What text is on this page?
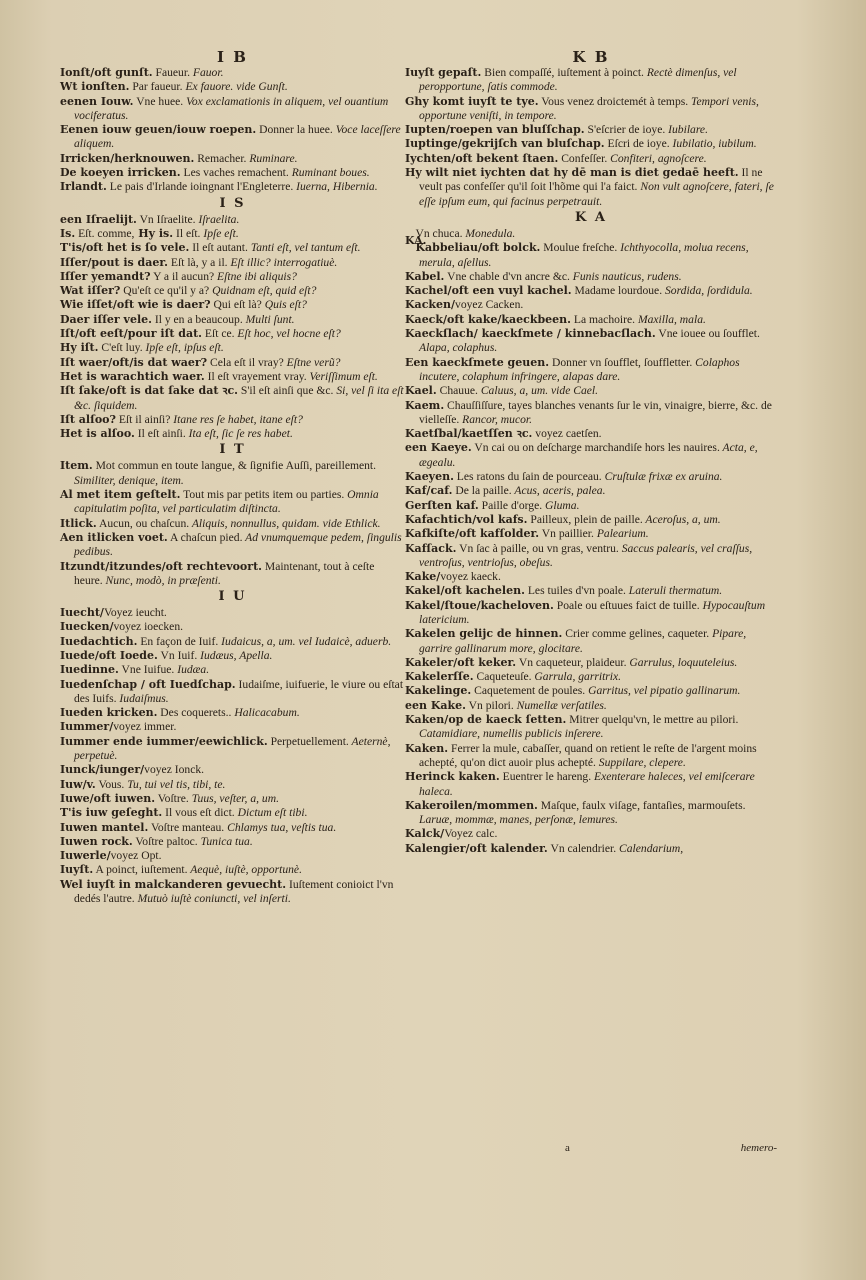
I B
Ionſt/oft gunſt. Faueur. Fauor.
Wt ionſten. Par faueur. Ex fauore. vide Gunſt.
eenen Iouw. Vne huee. Vox exclamationis in aliquem, vel ouantium vociferatus.
Eenen iouw geuen/iouw roepen. Donner la huee. Voce laceſſere aliquem.
Irricken/herknouwen. Remacher. Ruminare.
De koeyen irricken. Les vaches remachent. Ruminant boues.
Irlandt. Le pais d'Irlande ioingnant l'Engleterre. Iuerna, Hibernia.
I S
een Iſraelijt. Vn Iſraelite. Iſraelita.
Is. Eſt. comme, Hy is. Il eſt. Ipſe eſt.
T'is/oft het is ſo vele. Il eſt autant. Tanti eſt, vel tantum eſt.
Iſſer/pout is daer. Eſt là, y a il. Eſt illic? interrogatiuè.
Iſſer yemandt? Y a il aucun? Eſtne ibi aliquis?
Wat iſſer? Qu'eſt ce qu'il y a? Quidnam eſt, quid eſt?
Wie iſſet/oft wie is daer? Qui eſt là? Quis eſt?
Daer iſſer vele. Il y en a beaucoup. Multi ſunt.
Iſt/oft eeſt/pour iſt dat. Eſt ce. Eſt hoc, vel hocne eſt?
Hy iſt. C'eſt luy. Ipſe eſt, ipſus eſt.
Iſt waer/oft/is dat waer? Cela eſt il vray? Eſtne verũ?
Het is warachtich waer. Il eſt vrayement vray. Veriſſimum eſt.
Iſt ſake/oft is dat ſake dat ꝛc. S'il eſt ainſi que &c. Si, vel ſi ita eſt &c. ſiquidem.
Iſt alſoo? Eſt il ainſi? Itane res ſe habet, itane eſt?
Het is alſoo. Il eſt ainſi. Ita eſt, ſic ſe res habet.
I T
Item. Mot commun en toute langue, & ſignifie Auſſi, pareillement. Similiter, denique, item.
Al met item geſtelt. Tout mis par petits item ou parties. Omnia capitulatim poſita, vel particulatim diſtincta.
Itlick. Aucun, ou chaſcun. Aliquis, nonnullus, quidam. vide Ethlick.
Aen itlicken voet. A chaſcun pied. Ad vnumquemque pedem, ſingulis pedibus.
Itzundt/itzundes/oft rechtevoort. Maintenant, tout à ceſte heure. Nunc, modò, in præſenti.
I U
Iuecht/Voyez ieucht.
Iuecken/voyez ioecken.
Iuedachtich. En façon de Iuif. Iudaicus, a, um. vel Iudaicè, aduerb.
Iuede/oft Ioede. Vn Iuif. Iudæus, Apella.
Iuedinne. Vne Iuifue. Iudæa.
Iuedenſchap / oft Iuedſchap. Iudaiſme, iuifuerie, le viure ou eſtat des Iuifs. Iudaiſmus.
Iueden kricken. Des coquerets.. Halicacabum.
Iummer/voyez immer.
Iummer ende iummer/eewichlick. Perpetuellement. Aeternè, perpetuè.
Iunck/iunger/voyez Ionck.
Iuw/v. Vous. Tu, tui vel tis, tibi, te.
Iuwe/oft iuwen. Voſtre. Tuus, veſter, a, um.
T'is iuw geſeght. Il vous eſt dict. Dictum eſt tibi.
Iuwen mantel. Voſtre manteau. Chlamys tua, veſtis tua.
Iuwen rock. Voſtre paltoc. Tunica tua.
Iuwerle/voyez Opt.
Iuyſt. A poinct, iuſtement. Aequè, iuſtè, opportunè.
Wel iuyſt in malckanderen gevuecht. Iuſtement conioict l'vn dedés l'autre. Mutuò iuſtè coniuncti, vel inſerti.
K B
Iuyſt gepaſt. Bien compaſſé, iuſtement à poinct. Rectè dimenſus, vel peropportune, ſatis commode.
Ghy komt iuyſt te tye. Vous venez droictemét à temps. Tempori venis, opportune veniſti, in tempore.
Iupten/roepen van bluſſchap. S'eſcrier de ioye. Iubilare.
Iuptinge/gekrijſch van bluſchap. Eſcri de ioye. Iubilatio, iubilum.
Iychten/oft bekent ſtaen. Confeſſer. Confiteri, agnoſcere.
Hy wilt niet iychten dat hy dē man is diet gedaē heeft. Il ne veult pas confeſſer qu'il ſoit l'hõme qui l'a faict. Non vult agnoſcere, fateri, ſe eſſe ipſum eum, qui facinus perpetrauit.
K A
KA.
Vn chuca. Monedula.
Kabbeliau/oft bolck. Moulue freſche. Ichthyocolla, molua recens, merula, aſellus.
Kabel. Vne chable d'vn ancre &c. Funis nauticus, rudens.
Kachel/oft een vuyl kachel. Madame lourdoue. Sordida, ſordidula.
Kacken/voyez Cacken.
Kaeck/oft kake/kaeckbeen. La machoire. Maxilla, mala.
Kaeckſlach/ kaeckſmete / kinnebacſlach. Vne iouee ou ſoufflet. Alapa, colaphus.
Een kaeckſmete geuen. Donner vn ſoufflet, ſouffletter. Colaphos incutere, colaphum infringere, alapas dare.
Kael. Chauue. Caluus, a, um. vide Cael.
Kaem. Chauſſiſſure, tayes blanches venants ſur le vin, vinaigre, bierre, &c. de vielleſſe. Rancor, mucor.
Kaetſbal/kaetſſen ꝛc. voyez caetſen.
een Kaeye. Vn cai ou on deſcharge marchandiſe hors les nauires. Acta, e, ægealu.
Kaeyen. Les ratons du ſain de pourceau. Cruſtulæ frixæ ex aruina.
Kaf/caf. De la paille. Acus, aceris, palea.
Gerſten kaf. Paille d'orge. Gluma.
Kafachtich/vol kafs. Pailleux, plein de paille. Aceroſus, a, um.
Kafkiſte/oft kafſolder. Vn paillier. Palearium.
Kafſack. Vn ſac à paille, ou vn gras, ventru. Saccus palearis, vel craſſus, ventroſus, ventrioſus, obeſus.
Kake/voyez kaeck.
Kakel/oft kachelen. Les tuiles d'vn poale. Lateruli thermatum.
Kakel/ſtoue/kacheloven. Poale ou eſtuues faict de tuille. Hypocauſtum latericium.
Kakelen gelijc de hinnen. Crier comme gelines, caqueter. Pipare, garrire gallinarum more, glocitare.
Kakeler/oft keker. Vn caqueteur, plaideur. Garrulus, loquuteleius.
Kakelerſſe. Caqueteuſe. Garrula, garritrix.
Kakelinge. Caquetement de poules. Garritus, vel pipatio gallinarum.
een Kake. Vn pilori. Numellæ verſatiles.
Kaken/op de kaeck ſetten. Mitrer quelqu'vn, le mettre au pilori. Catamidiare, numellis publicis inſerere.
Kaken. Ferrer la mule, cabaſſer, quand on retient le reſte de l'argent moins achepté, qu'on dict auoir plus achepté. Suppilare, clepere.
Herinck kaken. Euentrer le hareng. Exenterare haleces, vel emiſcerare haleca.
Kakeroilen/mommen. Maſque, faulx viſage, fantaſies, marmouſets. Laruæ, mommæ, manes, perſonæ, lemures.
Kalck/Voyez calc.
Kalengier/oft kalender. Vn calendrier. Calendarium,
a	hemero-
